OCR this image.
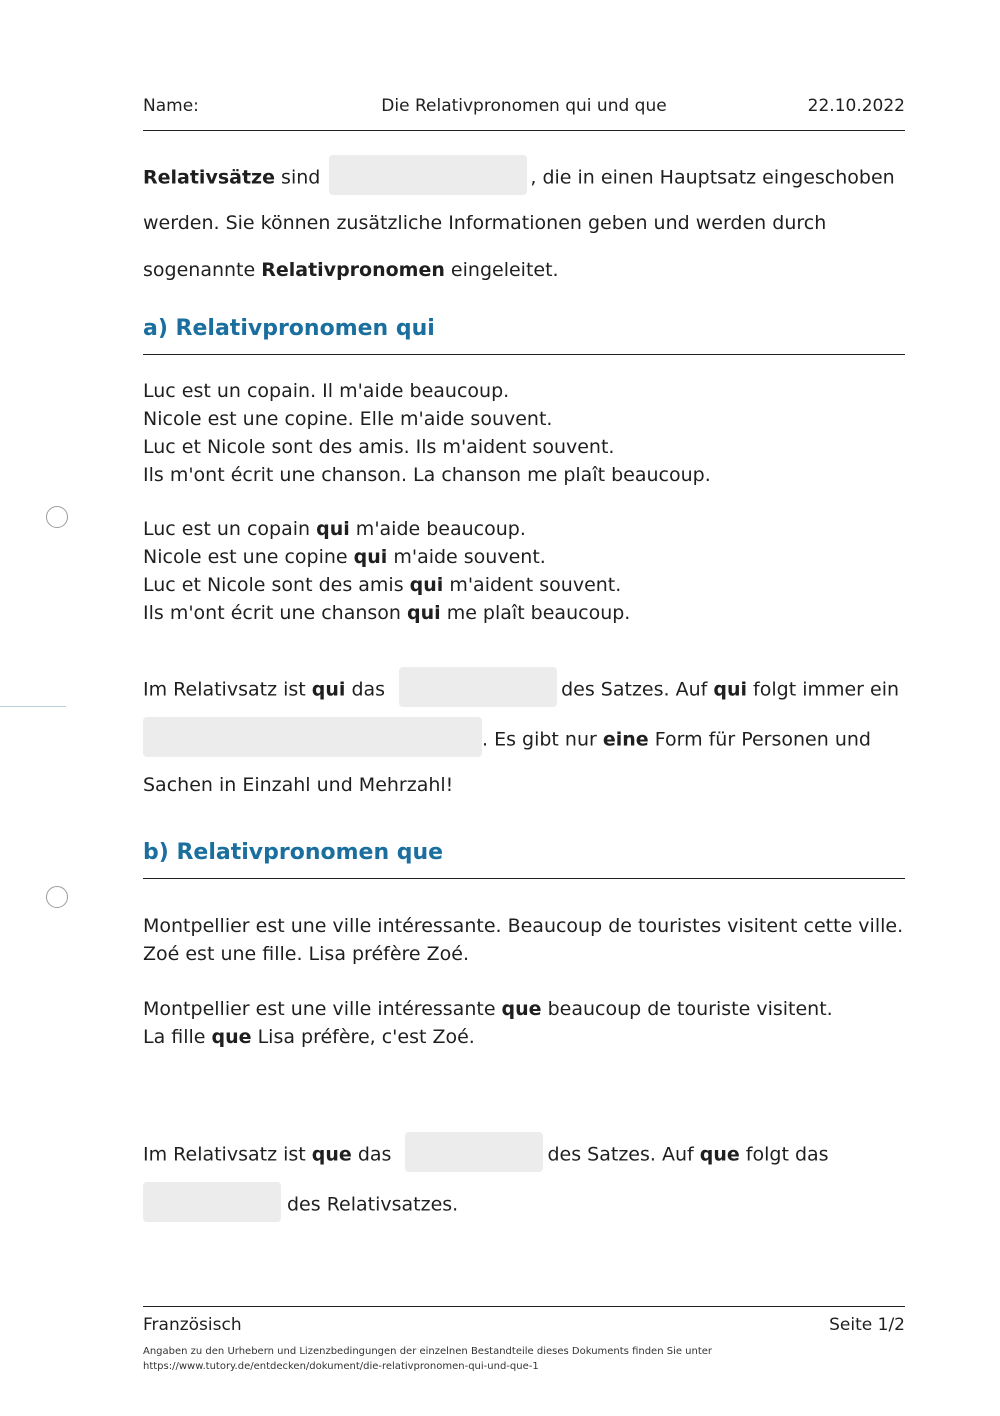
Name:	Die Relativpronomen qui und que	22.10.2022
Relativsätze sind	, die in einen Hauptsatz eingeschoben
werden. Sie können zusätzliche Informationen geben und werden durch
sogenannte Relativpronomen eingeleitet.
a) Relativpronomen qui
Luc est un copain. Il m'aide beaucoup.
Nicole est une copine. Elle m'aide souvent.
Luc et Nicole sont des amis. Ils m'aident souvent.
Ils m'ont écrit une chanson. La chanson me plaît beaucoup.
Luc est un copain qui m'aide beaucoup.
Nicole est une copine qui m'aide souvent.
Luc et Nicole sont des amis qui m'aident souvent.
Ils m'ont écrit une chanson qui me plaît beaucoup.
Im Relativsatz ist qui das	des Satzes. Auf qui folgt immer ein
. Es gibt nur eine Form für Personen und
Sachen in Einzahl und Mehrzahl!
b) Relativpronomen que
Montpellier est une ville intéressante. Beaucoup de touristes visitent cette ville.
Zoé est une fille. Lisa préfère Zoé.
Montpellier est une ville intéressante que beaucoup de touriste visitent.
La fille que Lisa préfère, c'est Zoé.
Im Relativsatz ist que das	des Satzes. Auf que folgt das
des Relativsatzes.
Französisch	Seite 1/2
Angaben zu den Urhebern und Lizenzbedingungen der einzelnen Bestandteile dieses Dokuments finden Sie unter
https://www.tutory.de/entdecken/dokument/die-relativpronomen-qui-und-que-1
